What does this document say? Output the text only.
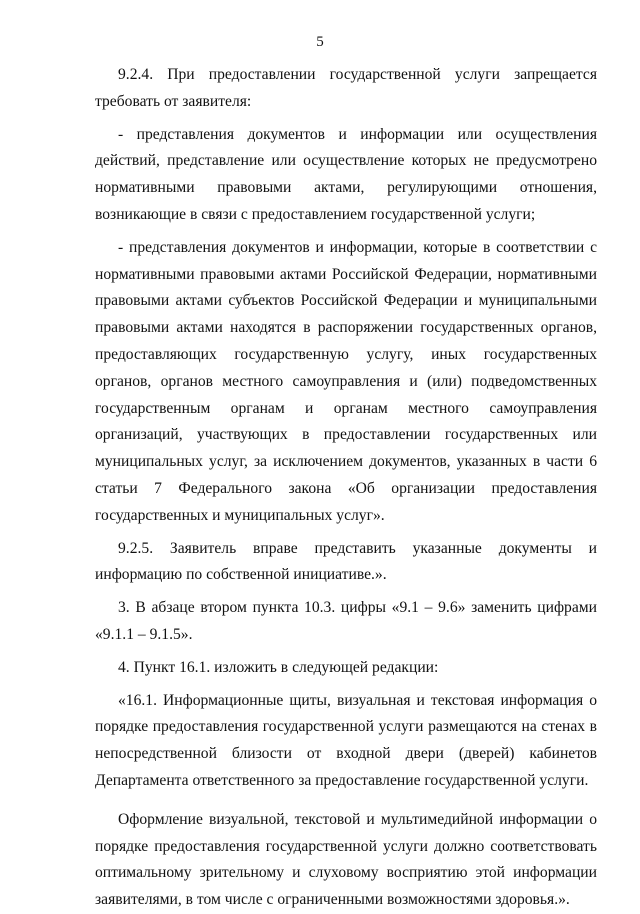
5

9.2.4. При предоставлении государственной услуги запрещается требовать от заявителя:

- представления документов и информации или осуществления действий, представление или осуществление которых не предусмотрено нормативными правовыми актами, регулирующими отношения, возникающие в связи с предоставлением государственной услуги;

- представления документов и информации, которые в соответствии с нормативными правовыми актами Российской Федерации, нормативными правовыми актами субъектов Российской Федерации и муниципальными правовыми актами находятся в распоряжении государственных органов, предоставляющих государственную услугу, иных государственных органов, органов местного самоуправления и (или) подведомственных государственным органам и органам местного самоуправления организаций, участвующих в предоставлении государственных или муниципальных услуг, за исключением документов, указанных в части 6 статьи 7 Федерального закона «Об организации предоставления государственных и муниципальных услуг».

9.2.5. Заявитель вправе представить указанные документы и информацию по собственной инициативе.».

3. В абзаце втором пункта 10.3. цифры «9.1 – 9.6» заменить цифрами «9.1.1 – 9.1.5».

4. Пункт 16.1. изложить в следующей редакции:

«16.1. Информационные щиты, визуальная и текстовая информация о порядке предоставления государственной услуги размещаются на стенах в непосредственной близости от входной двери (дверей) кабинетов Департамента ответственного за предоставление государственной услуги.

Оформление визуальной, текстовой и мультимедийной информации о порядке предоставления государственной услуги должно соответствовать оптимальному зрительному и слуховому восприятию этой информации заявителями, в том числе с ограниченными возможностями здоровья.».
